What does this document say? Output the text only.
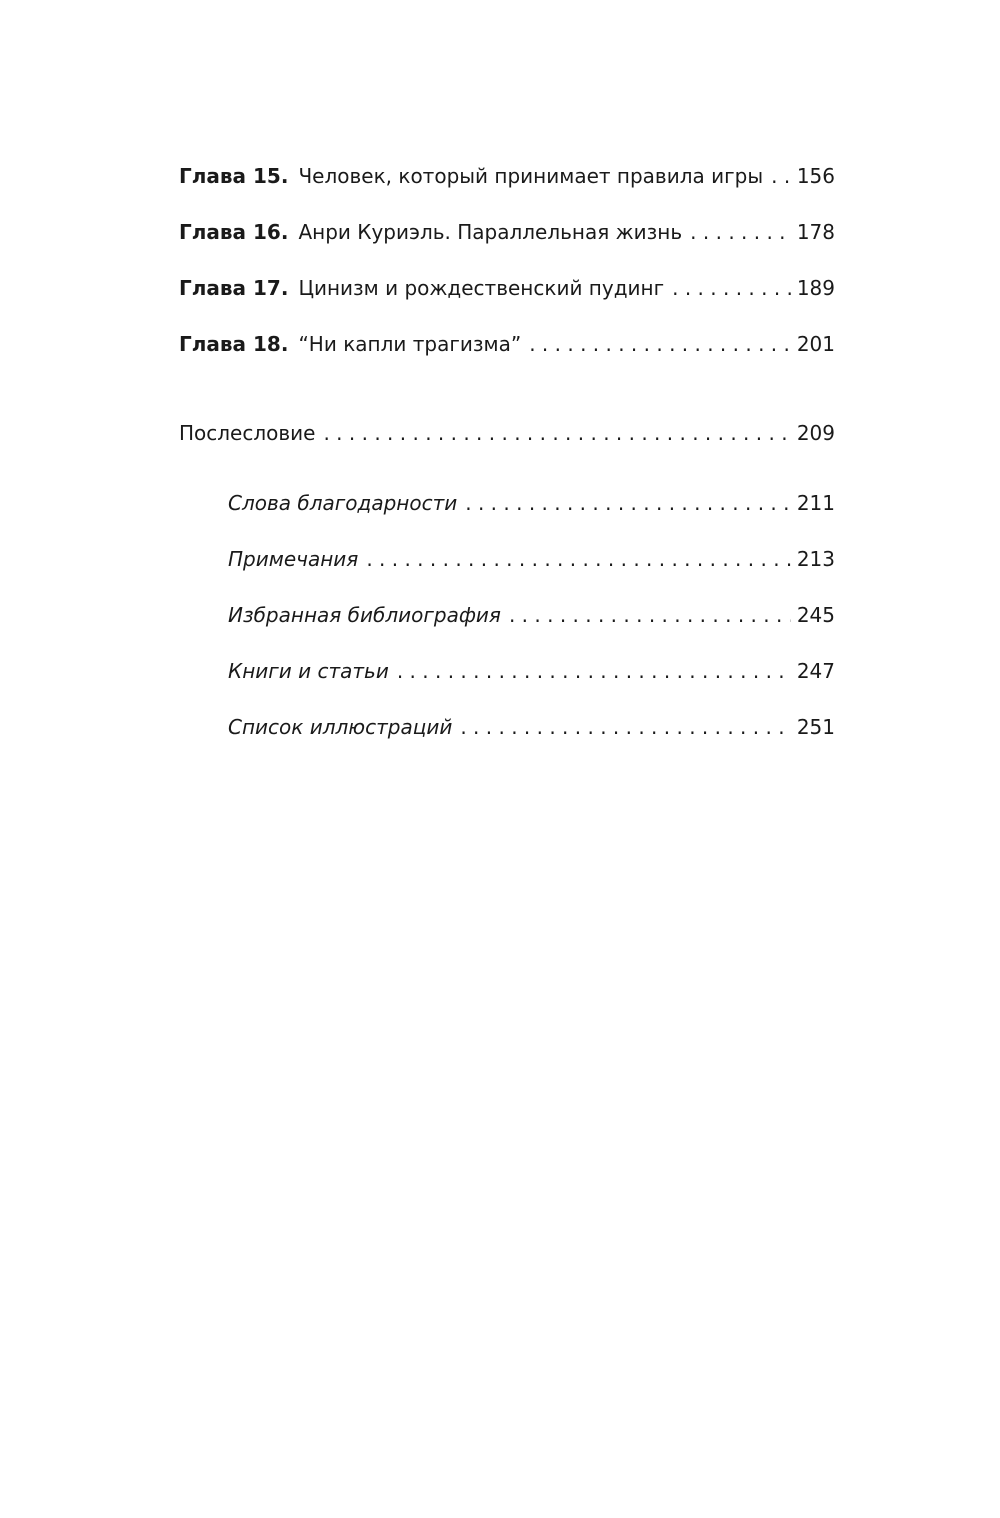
Глава 15. Человек, который принимает правила игры . . . 156
Глава 16. Анри Куриэль. Параллельная жизнь . . .	178
Глава 17. Цинизм и рождественский пудинг . . .	189
Глава 18. “Ни капли трагизма” . . .	201
Послесловие . . .	209
Слова благодарности . . .	211
Примечания . . .	213
Избранная библиография . . .	245
Книги и статьи . . .	247
Список иллюстраций . . .	251
